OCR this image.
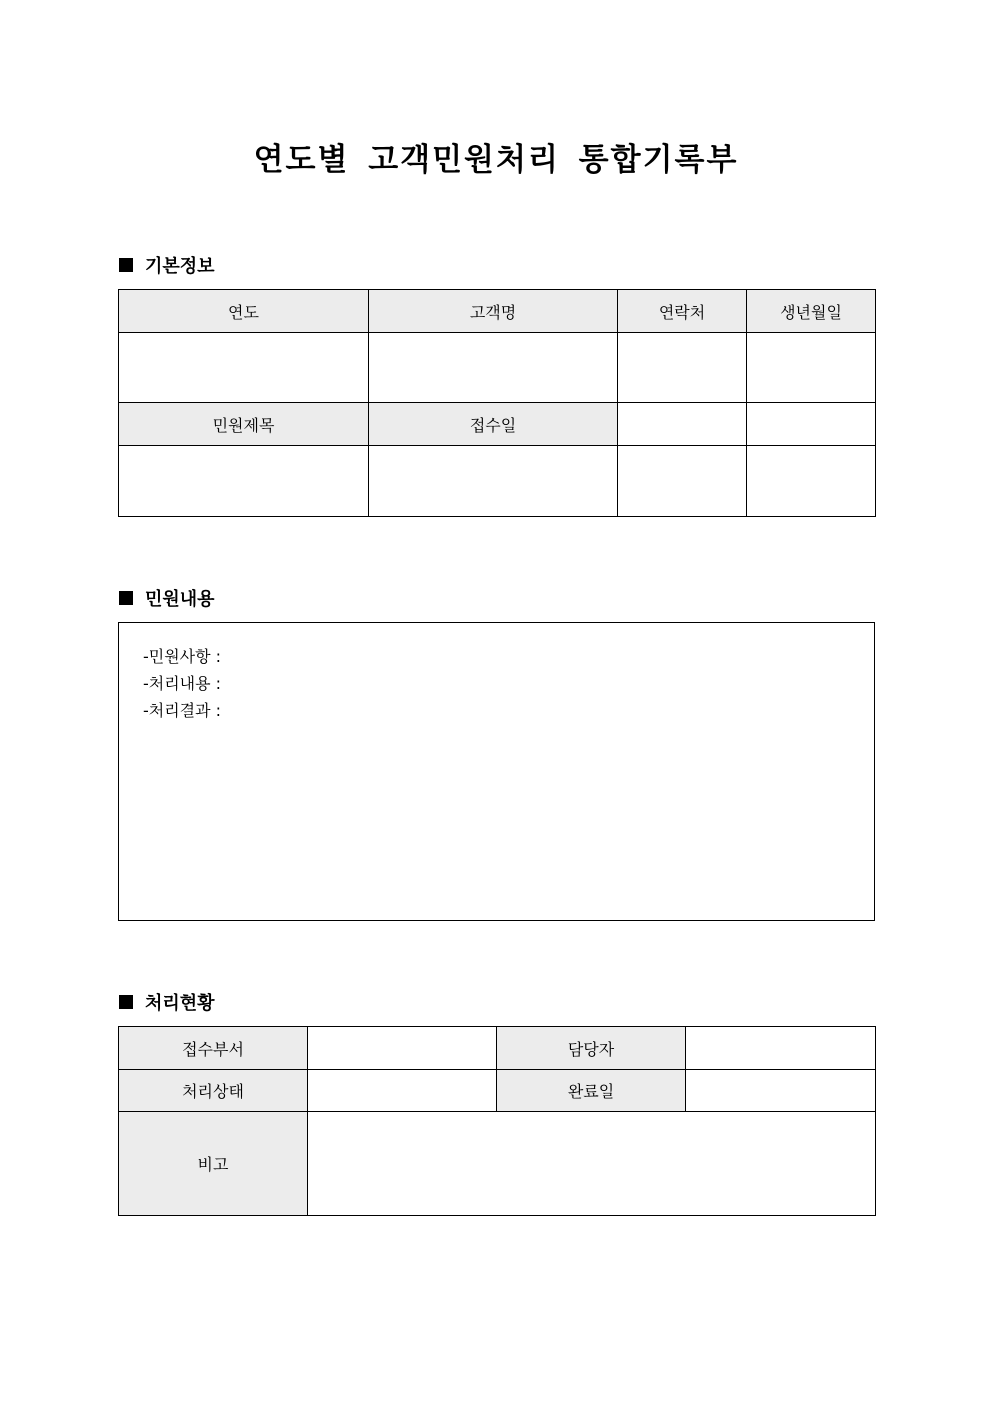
연도별 고객민원처리 통합기록부
기본정보
연도	고객명	연락처	생년월일

민원제목	접수일		

민원내용
-민원사항 :
-처리내용 :
-처리결과 :
처리현황
접수부서		담당자	
처리상태		완료일	
비고			
